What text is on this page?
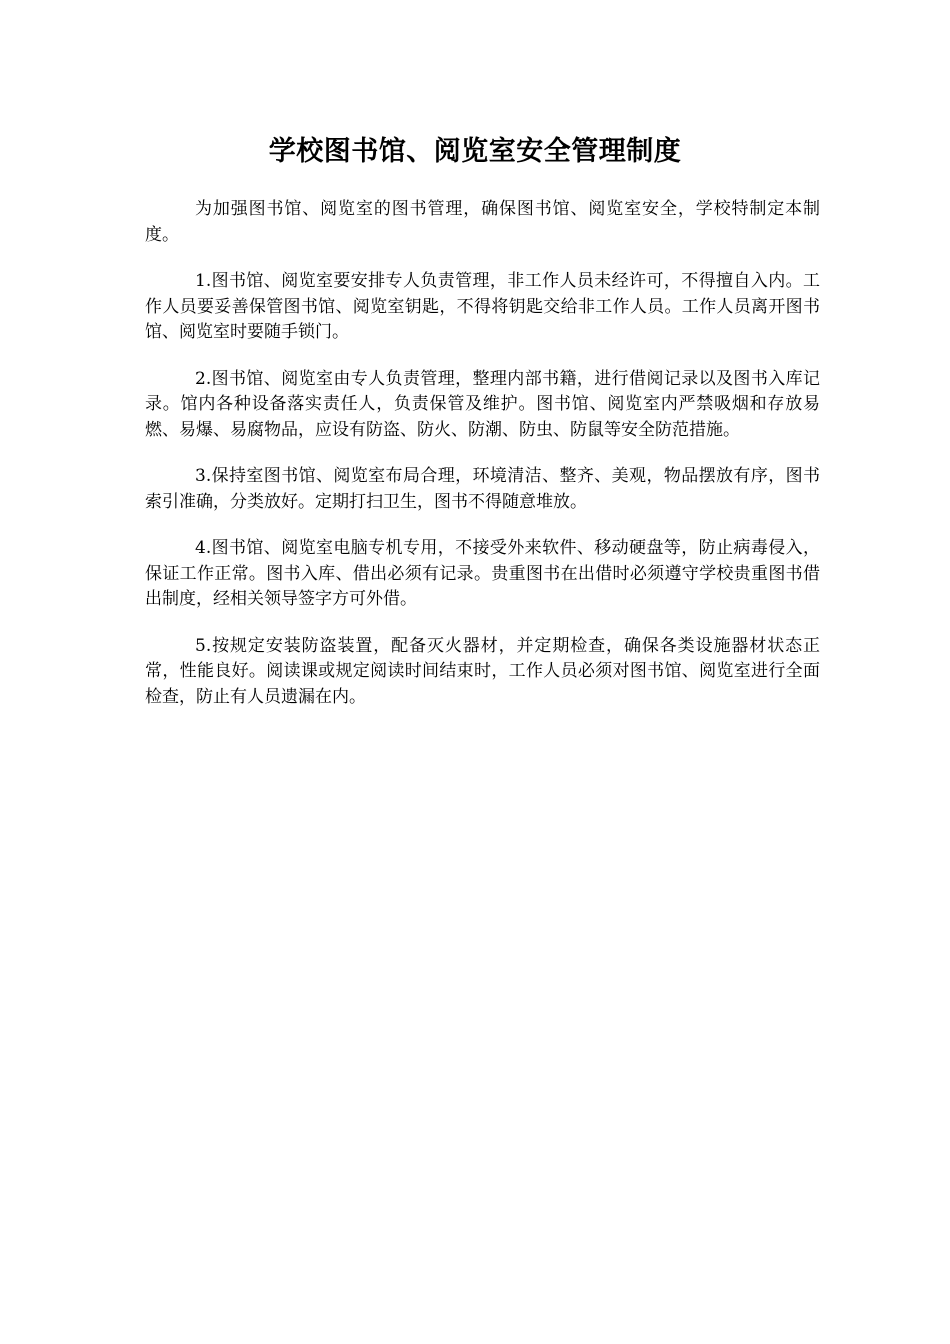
学校图书馆、阅览室安全管理制度

为加强图书馆、阅览室的图书管理，确保图书馆、阅览室安全，学校特制定本制度。

1.图书馆、阅览室要安排专人负责管理，非工作人员未经许可，不得擅自入内。工作人员要妥善保管图书馆、阅览室钥匙，不得将钥匙交给非工作人员。工作人员离开图书馆、阅览室时要随手锁门。

2.图书馆、阅览室由专人负责管理，整理内部书籍，进行借阅记录以及图书入库记录。馆内各种设备落实责任人，负责保管及维护。图书馆、阅览室内严禁吸烟和存放易燃、易爆、易腐物品，应设有防盗、防火、防潮、防虫、防鼠等安全防范措施。

3.保持室图书馆、阅览室布局合理，环境清洁、整齐、美观，物品摆放有序，图书索引准确，分类放好。定期打扫卫生，图书不得随意堆放。

4.图书馆、阅览室电脑专机专用，不接受外来软件、移动硬盘等，防止病毒侵入，保证工作正常。图书入库、借出必须有记录。贵重图书在出借时必须遵守学校贵重图书借出制度，经相关领导签字方可外借。

5.按规定安装防盗装置，配备灭火器材，并定期检查，确保各类设施器材状态正常，性能良好。阅读课或规定阅读时间结束时，工作人员必须对图书馆、阅览室进行全面检查，防止有人员遗漏在内。
